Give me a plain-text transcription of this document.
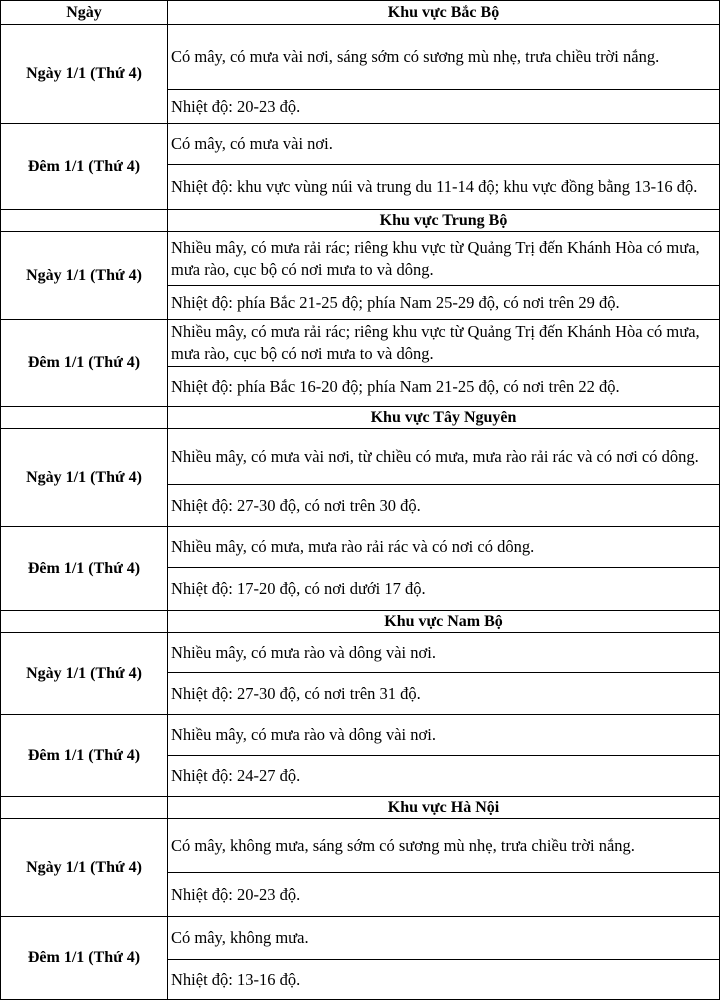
Ngày	Khu vực Bắc Bộ
Ngày 1/1 (Thứ 4)	Có mây, có mưa vài nơi, sáng sớm có sương mù nhẹ, trưa chiều trời nắng.
	Nhiệt độ: 20-23 độ.
Đêm 1/1 (Thứ 4)	Có mây, có mưa vài nơi.
	Nhiệt độ: khu vực vùng núi và trung du 11-14 độ; khu vực đồng bằng 13-16 độ.
	Khu vực Trung Bộ
Ngày 1/1 (Thứ 4)	Nhiều mây, có mưa rải rác; riêng khu vực từ Quảng Trị đến Khánh Hòa có mưa, mưa rào, cục bộ có nơi mưa to và dông.
	Nhiệt độ: phía Bắc 21-25 độ; phía Nam 25-29 độ, có nơi trên 29 độ.
Đêm 1/1 (Thứ 4)	Nhiều mây, có mưa rải rác; riêng khu vực từ Quảng Trị đến Khánh Hòa có mưa, mưa rào, cục bộ có nơi mưa to và dông.
	Nhiệt độ: phía Bắc 16-20 độ; phía Nam 21-25 độ, có nơi trên 22 độ.
	Khu vực Tây Nguyên
Ngày 1/1 (Thứ 4)	Nhiều mây, có mưa vài nơi, từ chiều có mưa, mưa rào rải rác và có nơi có dông.
	Nhiệt độ: 27-30 độ, có nơi trên 30 độ.
Đêm 1/1 (Thứ 4)	Nhiều mây, có mưa, mưa rào rải rác và có nơi có dông.
	Nhiệt độ: 17-20 độ, có nơi dưới 17 độ.
	Khu vực Nam Bộ
Ngày 1/1 (Thứ 4)	Nhiều mây, có mưa rào và dông vài nơi.
	Nhiệt độ: 27-30 độ, có nơi trên 31 độ.
Đêm 1/1 (Thứ 4)	Nhiều mây, có mưa rào và dông vài nơi.
	Nhiệt độ: 24-27 độ.
	Khu vực Hà Nội
Ngày 1/1 (Thứ 4)	Có mây, không mưa, sáng sớm có sương mù nhẹ, trưa chiều trời nắng.
	Nhiệt độ: 20-23 độ.
Đêm 1/1 (Thứ 4)	Có mây, không mưa.
	Nhiệt độ: 13-16 độ.
